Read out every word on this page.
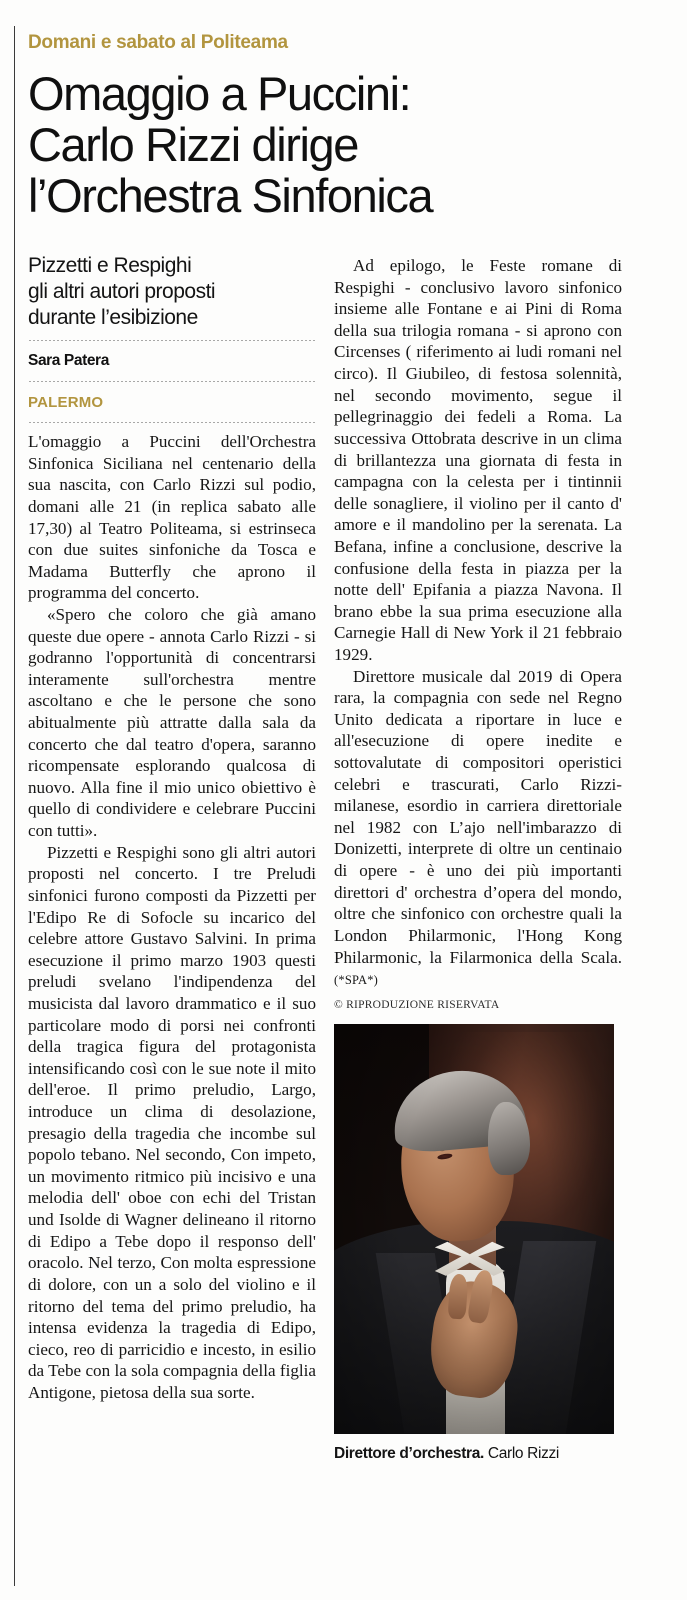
Domani e sabato al Politeama
Omaggio a Puccini:
Carlo Rizzi dirige
l’Orchestra Sinfonica
Pizzetti e Respighi
gli altri autori proposti
durante l’esibizione
Sara Patera
PALERMO

L'omaggio a Puccini dell'Orchestra Sinfonica Siciliana nel centenario della sua nascita, con Carlo Rizzi sul podio, domani alle 21 (in replica sabato alle 17,30) al Teatro Politeama, si estrinseca con due suites sinfoniche da Tosca e Madama Butterfly che aprono il programma del concerto.

«Spero che coloro che già amano queste due opere - annota Carlo Rizzi - si godranno l'opportunità di concentrarsi interamente sull'orchestra mentre ascoltano e che le persone che sono abitualmente più attratte dalla sala da concerto che dal teatro d'opera, saranno ricompensate esplorando qualcosa di nuovo. Alla fine il mio unico obiettivo è quello di condividere e celebrare Puccini con tutti».

Pizzetti e Respighi sono gli altri autori proposti nel concerto. I tre Preludi sinfonici furono composti da Pizzetti per l'Edipo Re di Sofocle su incarico del celebre attore Gustavo Salvini. In prima esecuzione il primo marzo 1903 questi preludi svelano l'indipendenza del musicista dal lavoro drammatico e il suo particolare modo di porsi nei confronti della tragica figura del protagonista intensificando così con le sue note il mito dell'eroe. Il primo preludio, Largo, introduce un clima di desolazione, presagio della tragedia che incombe sul popolo tebano. Nel secondo, Con impeto, un movimento ritmico più incisivo e una melodia dell' oboe con echi del Tristan und Isolde di Wagner delineano il ritorno di Edipo a Tebe dopo il responso dell' oracolo. Nel terzo, Con molta espressione di dolore, con un a solo del violino e il ritorno del tema del primo preludio, ha intensa evidenza la tragedia di Edipo, cieco, reo di parricidio e incesto, in esilio da Tebe con la sola compagnia della figlia Antigone, pietosa della sua sorte.

Ad epilogo, le Feste romane di Respighi - conclusivo lavoro sinfonico insieme alle Fontane e ai Pini di Roma della sua trilogia romana - si aprono con Circenses ( riferimento ai ludi romani nel circo). Il Giubileo, di festosa solennità, nel secondo movimento, segue il pellegrinaggio dei fedeli a Roma. La successiva Ottobrata descrive in un clima di brillantezza una giornata di festa in campagna con la celesta per i tintinnii delle sonagliere, il violino per il canto d' amore e il mandolino per la serenata. La Befana, infine a conclusione, descrive la confusione della festa in piazza per la notte dell' Epifania a piazza Navona. Il brano ebbe la sua prima esecuzione alla Carnegie Hall di New York il 21 febbraio 1929.

Direttore musicale dal 2019 di Opera rara, la compagnia con sede nel Regno Unito dedicata a riportare in luce e all'esecuzione di opere inedite e sottovalutate di compositori operistici celebri e trascurati, Carlo Rizzi- milanese, esordio in carriera direttoriale nel 1982 con L’ajo nell'imbarazzo di Donizetti, interprete di oltre un centinaio di opere - è uno dei più importanti direttori d' orchestra d’opera del mondo, oltre che sinfonico con orchestre quali la London Philarmonic, l'Hong Kong Philarmonic, la Filarmonica della Scala. (*SPA*)

© RIPRODUZIONE RISERVATA
Direttore d’orchestra. Carlo Rizzi
